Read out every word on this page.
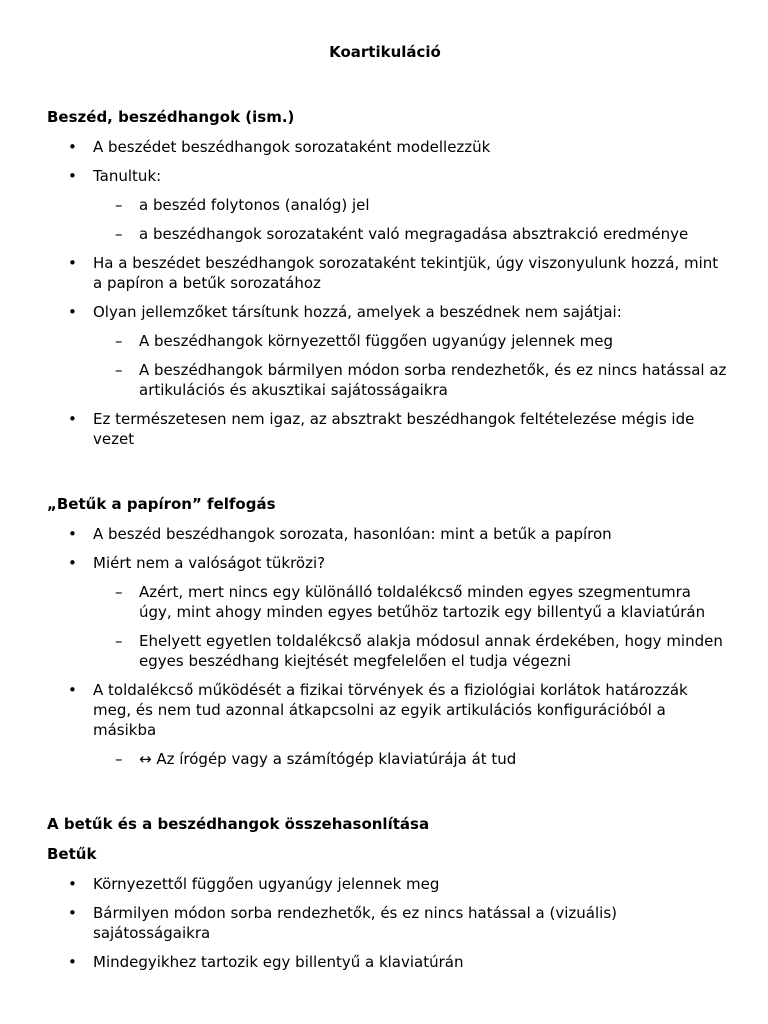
Koartikuláció
Beszéd, beszédhangok (ism.)
• A beszédet beszédhangok sorozataként modellezzük
• Tanultuk:
– a beszéd folytonos (analóg) jel
– a beszédhangok sorozataként való megragadása absztrakció eredménye
• Ha a beszédet beszédhangok sorozataként tekintjük, úgy viszonyulunk hozzá, mint a papíron a betűk sorozatához
• Olyan jellemzőket társítunk hozzá, amelyek a beszédnek nem sajátjai:
– A beszédhangok környezettől függően ugyanúgy jelennek meg
– A beszédhangok bármilyen módon sorba rendezhetők, és ez nincs hatással az artikulációs és akusztikai sajátosságaikra
• Ez természetesen nem igaz, az absztrakt beszédhangok feltételezése mégis ide vezet
„Betűk a papíron” felfogás
• A beszéd beszédhangok sorozata, hasonlóan: mint a betűk a papíron
• Miért nem a valóságot tükrözi?
– Azért, mert nincs egy különálló toldalékcső minden egyes szegmentumra úgy, mint ahogy minden egyes betűhöz tartozik egy billentyű a klaviatúrán
– Ehelyett egyetlen toldalékcső alakja módosul annak érdekében, hogy minden egyes beszédhang kiejtését megfelelően el tudja végezni
• A toldalékcső működését a fizikai törvények és a fiziológiai korlátok határozzák meg, és nem tud azonnal átkapcsolni az egyik artikulációs konfigurációból a másikba
– ↔ Az írógép vagy a számítógép klaviatúrája át tud
A betűk és a beszédhangok összehasonlítása
Betűk
• Környezettől függően ugyanúgy jelennek meg
• Bármilyen módon sorba rendezhetők, és ez nincs hatással a (vizuális) sajátosságaikra
• Mindegyikhez tartozik egy billentyű a klaviatúrán
